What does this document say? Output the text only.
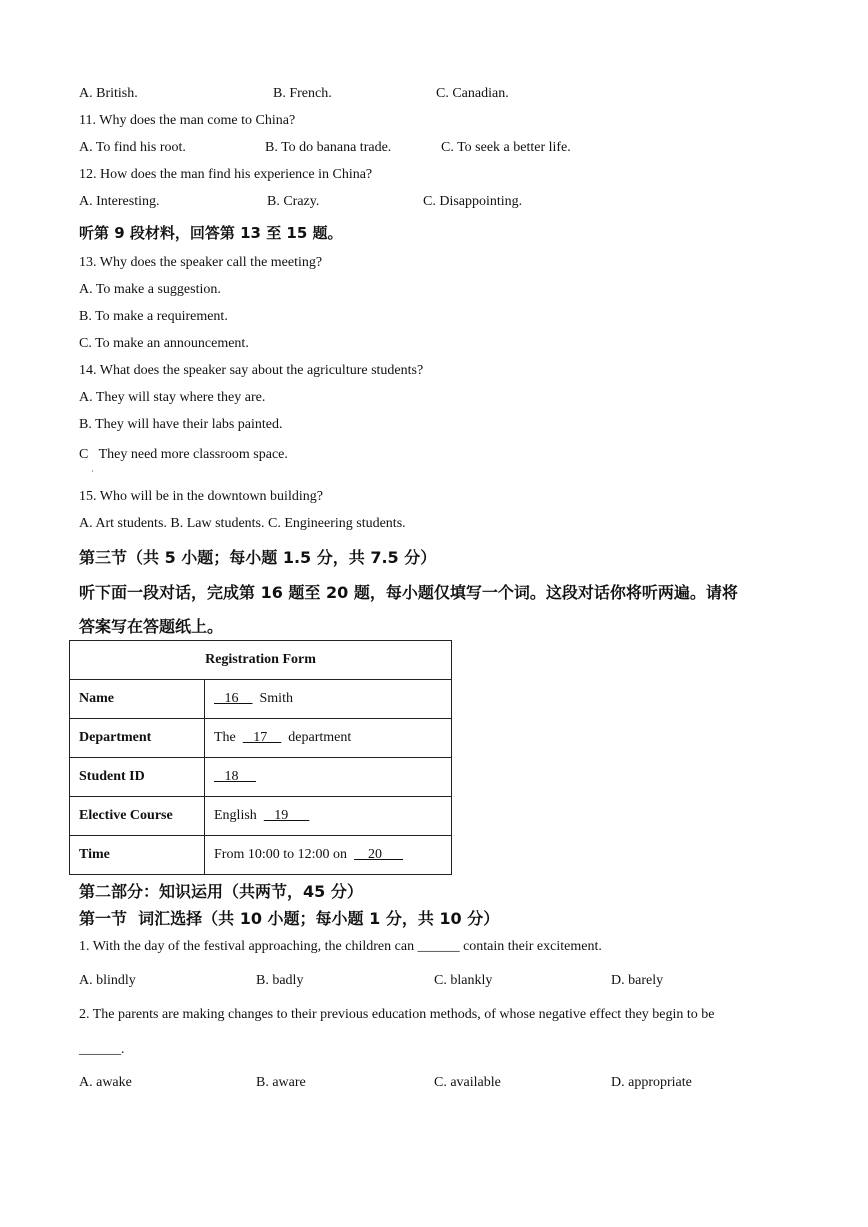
A. British.	B. French.	C. Canadian.
11. Why does the man come to China?
A. To find his root.	B. To do banana trade.	C. To seek a better life.
12. How does the man find his experience in China?
A. Interesting.	B. Crazy.	C. Disappointing.
听第 9 段材料，回答第 13 至 15 题。
13. Why does the speaker call the meeting?
A. To make a suggestion.
B. To make a requirement.
C. To make an announcement.
14. What does the speaker say about the agriculture students?
A. They will stay where they are.
B. They will have their labs painted.
C   They need more classroom space.
·
15. Who will be in the downtown building?
A. Art students. B. Law students. C. Engineering students.
第三节（共 5 小题；每小题 1.5 分，共 7.5 分）
听下面一段对话，完成第 16 题至 20 题，每小题仅填写一个词。这段对话你将听两遍。请将
答案写在答题纸上。
Registration Form	
Name	16      Smith
Department	The     17      department
Student ID	18
Elective Course	English     19
Time	From 10:00 to 12:00 on      20
第二部分：知识运用（共两节，45 分）
第一节  词汇选择（共 10 小题；每小题 1 分，共 10 分）
1. With the day of the festival approaching, the children can ______ contain their excitement.
A. blindly	B. badly	C. blankly	D. barely
2. The parents are making changes to their previous education methods, of whose negative effect they begin to be
______.
A. awake	B. aware	C. available	D. appropriate
